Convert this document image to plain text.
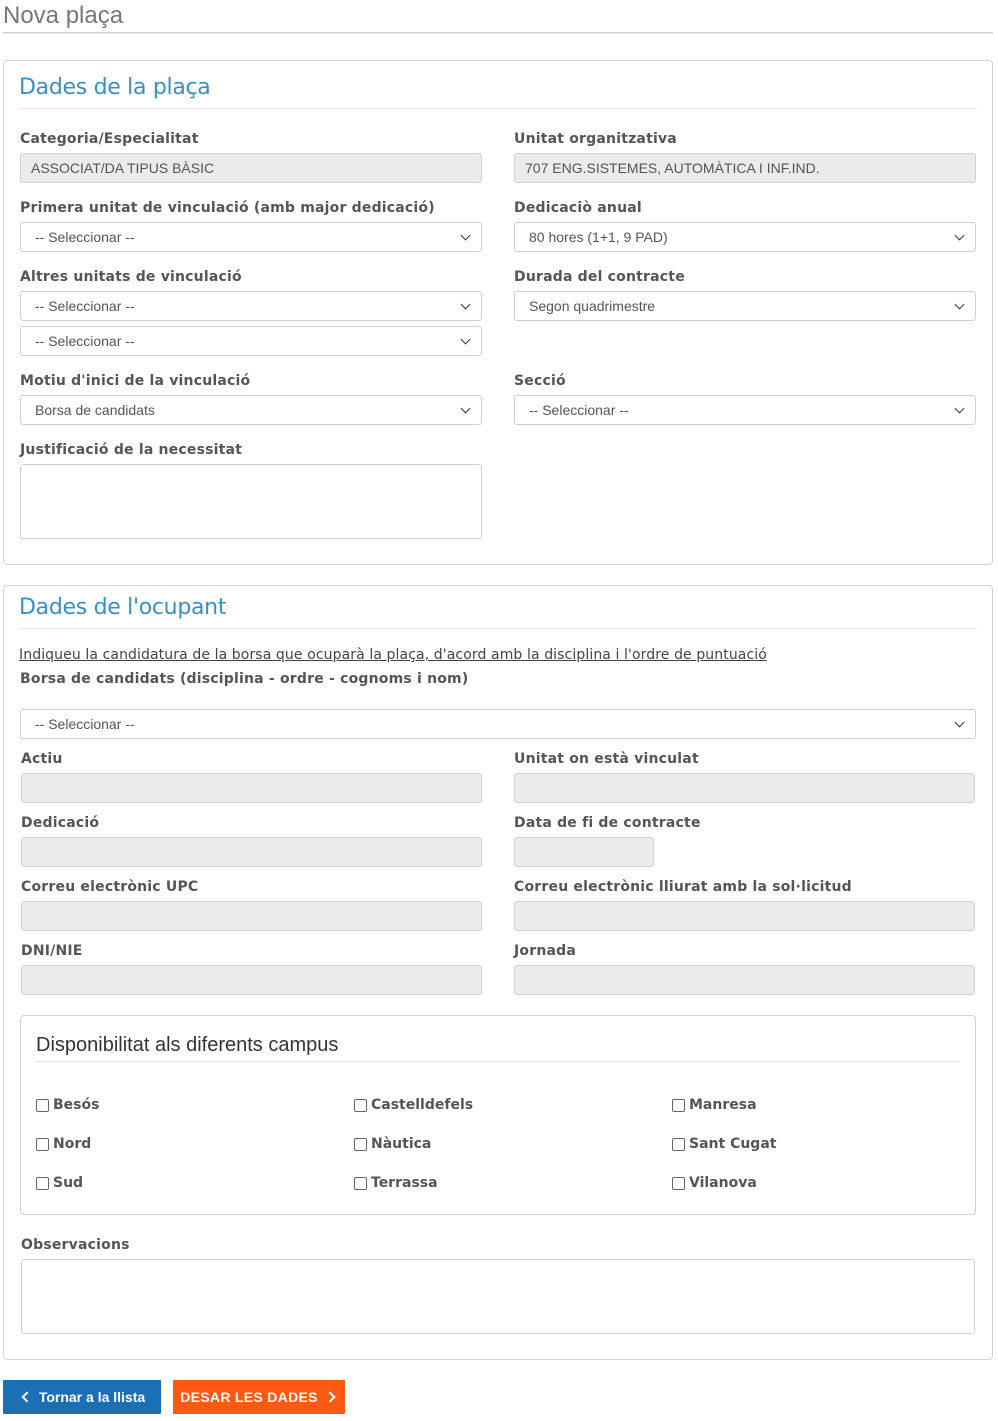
Nova plaça
Dades de la plaça
Categoria/Especialitat
ASSOCIAT/DA TIPUS BÀSIC
Unitat organitzativa
707 ENG.SISTEMES, AUTOMÀTICA I INF.IND.
Primera unitat de vinculació (amb major dedicació)
-- Seleccionar --
Dedicaciò anual
80 hores (1+1, 9 PAD)
Altres unitats de vinculació
-- Seleccionar --
-- Seleccionar --
Durada del contracte
Segon quadrimestre
Motiu d'inici de la vinculació
Borsa de candidats
Secció
-- Seleccionar --
Justificació de la necessitat
Dades de l'ocupant
Indiqueu la candidatura de la borsa que ocuparà la plaça, d'acord amb la disciplina i l'ordre de puntuació
Borsa de candidats (disciplina - ordre - cognoms i nom)
-- Seleccionar --
Actiu	Unitat on està vinculat
Dedicació	Data de fi de contracte
Correu electrònic UPC	Correu electrònic lliurat amb la sol·licitud
DNI/NIE	Jornada
Disponibilitat als diferents campus
Besós	Castelldefels	Manresa
Nord	Nàutica	Sant Cugat
Sud	Terrassa	Vilanova
Observacions
Tornar a la llista	DESAR LES DADES
